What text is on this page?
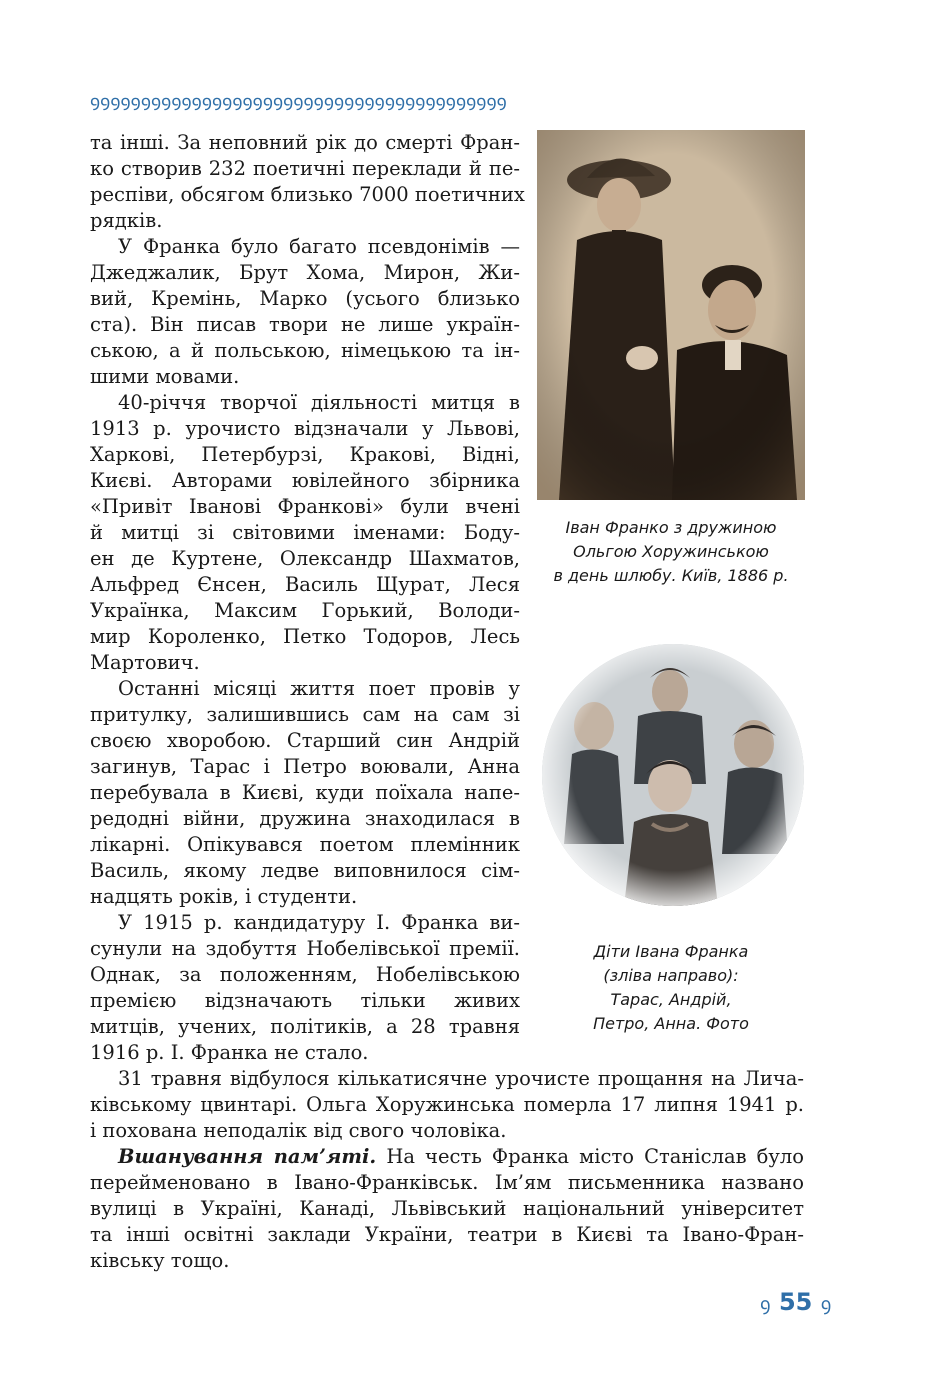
ꝮꝮꝮꝮꝮꝮꝮꝮꝮꝮꝮꝮꝮꝮꝮꝮꝮꝮꝮꝮꝮꝮꝮꝮꝮꝮꝮꝮꝮꝮꝮꝮꝮꝮꝮꝮꝮꝮꝮꝮꝮ
та інші. За неповний рік до смерті Фран-
ко створив 232 поетичні переклади й пе-
респіви, обсягом близько 7000 поетичних
рядків.
У Франка було багато псевдонімів —
Джеджалик, Брут Хома, Мирон, Жи-
вий, Кремінь, Марко (усього близько
ста). Він писав твори не лише україн-
ською, а й польською, німецькою та ін-
шими мовами.
40-річчя творчої діяльності митця в
1913 р. урочисто відзначали у Львові,
Харкові, Петербурзі, Кракові, Відні,
Києві. Авторами ювілейного збірника
«Привіт Іванові Франкові» були вчені
й митці зі світовими іменами: Боду-
ен де Куртене, Олександр Шахматов,
Альфред Єнсен, Василь Щурат, Леся
Українка, Максим Горький, Володи-
мир Короленко, Петко Тодоров, Лесь
Мартович.
Останні місяці життя поет провів у
притулку, залишившись сам на сам зі
своєю хворобою. Старший син Андрій
загинув, Тарас і Петро воювали, Анна
перебувала в Києві, куди поїхала напе-
редодні війни, дружина знаходилася в
лікарні. Опікувався поетом племінник
Василь, якому ледве виповнилося сім-
надцять років, і студенти.
У 1915 р. кандидатуру І. Франка ви-
сунули на здобуття Нобелівської премії.
Однак, за положенням, Нобелівською
премією відзначають тільки живих
митців, учених, політиків, а 28 травня
1916 р. І. Франка не стало.
31 травня відбулося кількатисячне урочисте прощання на Лича-
ківському цвинтарі. Ольга Хоружинська померла 17 липня 1941 р.
і похована неподалік від свого чоловіка.
Вшанування пам’яті. На честь Франка місто Станіслав було
перейменовано в Івано-Франківськ. Ім’ям письменника названо
вулиці в Україні, Канаді, Львівський національний університет
та інші освітні заклади України, театри в Києві та Івано-Фран-
ківську тощо.
Іван Франко з дружиною
Ольгою Хоружинською
в день шлюбу. Київ, 1886 р.
Діти Івана Франка
(зліва направо):
Тарас, Андрій,
Петро, Анна. Фото
ꝯ 55 ꝯ
